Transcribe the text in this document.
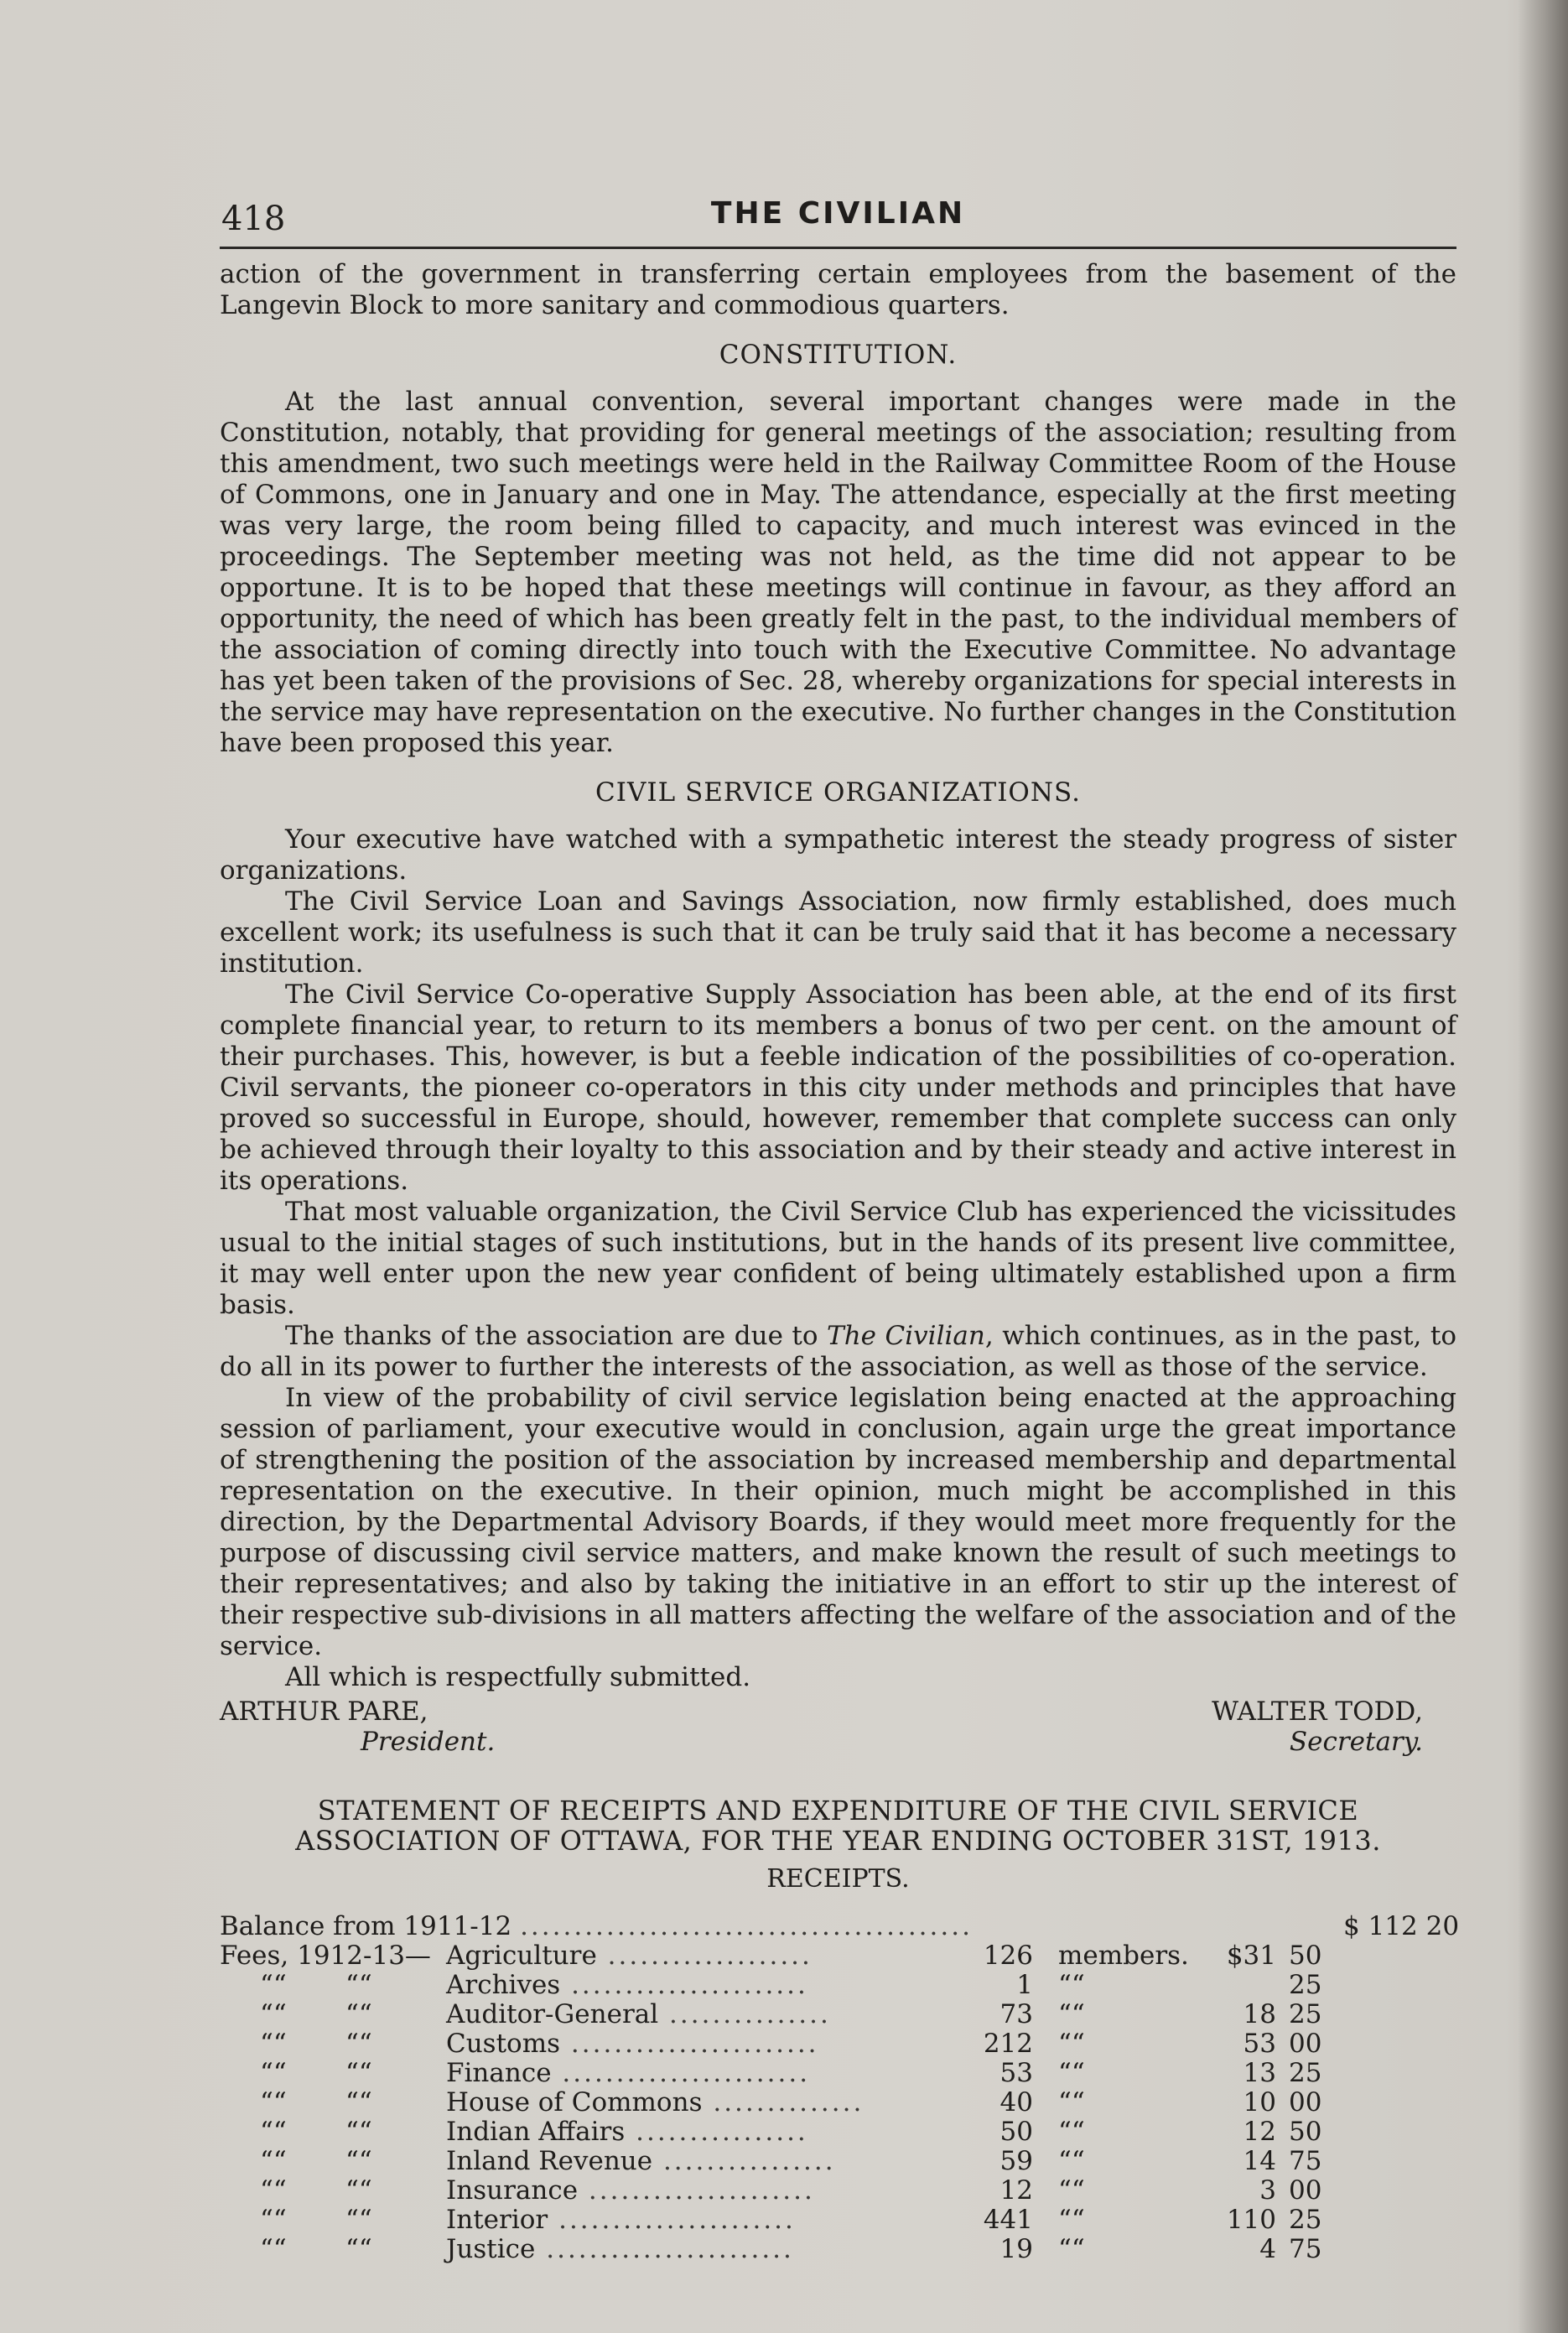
418	THE CIVILIAN

action of the government in transferring certain employees from the basement of the Langevin Block to more sanitary and commodious quarters.

CONSTITUTION.

At the last annual convention, several important changes were made in the Constitution, notably, that providing for general meetings of the association; resulting from this amendment, two such meetings were held in the Railway Committee Room of the House of Commons, one in January and one in May. The attendance, especially at the first meeting was very large, the room being filled to capacity, and much interest was evinced in the proceedings. The September meeting was not held, as the time did not appear to be opportune. It is to be hoped that these meetings will continue in favour, as they afford an opportunity, the need of which has been greatly felt in the past, to the individual members of the association of coming directly into touch with the Executive Committee. No advantage has yet been taken of the provisions of Sec. 28, whereby organizations for special interests in the service may have representation on the executive. No further changes in the Constitution have been proposed this year.

CIVIL SERVICE ORGANIZATIONS.

Your executive have watched with a sympathetic interest the steady progress of sister organizations.

The Civil Service Loan and Savings Association, now firmly established, does much excellent work; its usefulness is such that it can be truly said that it has become a necessary institution.

The Civil Service Co-operative Supply Association has been able, at the end of its first complete financial year, to return to its members a bonus of two per cent. on the amount of their purchases. This, however, is but a feeble indication of the possibilities of co-operation. Civil servants, the pioneer co-operators in this city under methods and principles that have proved so successful in Europe, should, however, remember that complete success can only be achieved through their loyalty to this association and by their steady and active interest in its operations.

That most valuable organization, the Civil Service Club has experienced the vicissitudes usual to the initial stages of such institutions, but in the hands of its present live committee, it may well enter upon the new year confident of being ultimately established upon a firm basis.

The thanks of the association are due to The Civilian, which continues, as in the past, to do all in its power to further the interests of the association, as well as those of the service.

In view of the probability of civil service legislation being enacted at the approaching session of parliament, your executive would in conclusion, again urge the great importance of strengthening the position of the association by increased membership and departmental representation on the executive. In their opinion, much might be accomplished in this direction, by the Departmental Advisory Boards, if they would meet more frequently for the purpose of discussing civil service matters, and make known the result of such meetings to their representatives; and also by taking the initiative in an effort to stir up the interest of their respective sub-divisions in all matters affecting the welfare of the association and of the service.

All which is respectfully submitted.

ARTHUR PARE,
President.
WALTER TODD,
Secretary.
STATEMENT OF RECEIPTS AND EXPENDITURE OF THE CIVIL SERVICE ASSOCIATION OF OTTAWA, FOR THE YEAR ENDING OCTOBER 31ST, 1913.
RECEIPTS.
Balance from 1911-12 ..........................................	$ 112 20
Fees, 1912-13— Agriculture ...................	126 members.	$31 50
““ ““	Archives ......................	1 ““	25
““ ““	Auditor-General ...............	73 ““	18 25
““ ““	Customs .......................	212 ““	53 00
““ ““	Finance .......................	53 ““	13 25
““ ““	House of Commons ..............	40 ““	10 00
““ ““	Indian Affairs ................	50 ““	12 50
““ ““	Inland Revenue ................	59 ““	14 75
““ ““	Insurance .....................	12 ““	3 00
““ ““	Interior ......................	441 ““	110 25
““ ““	Justice .......................	19 ““	4 75
